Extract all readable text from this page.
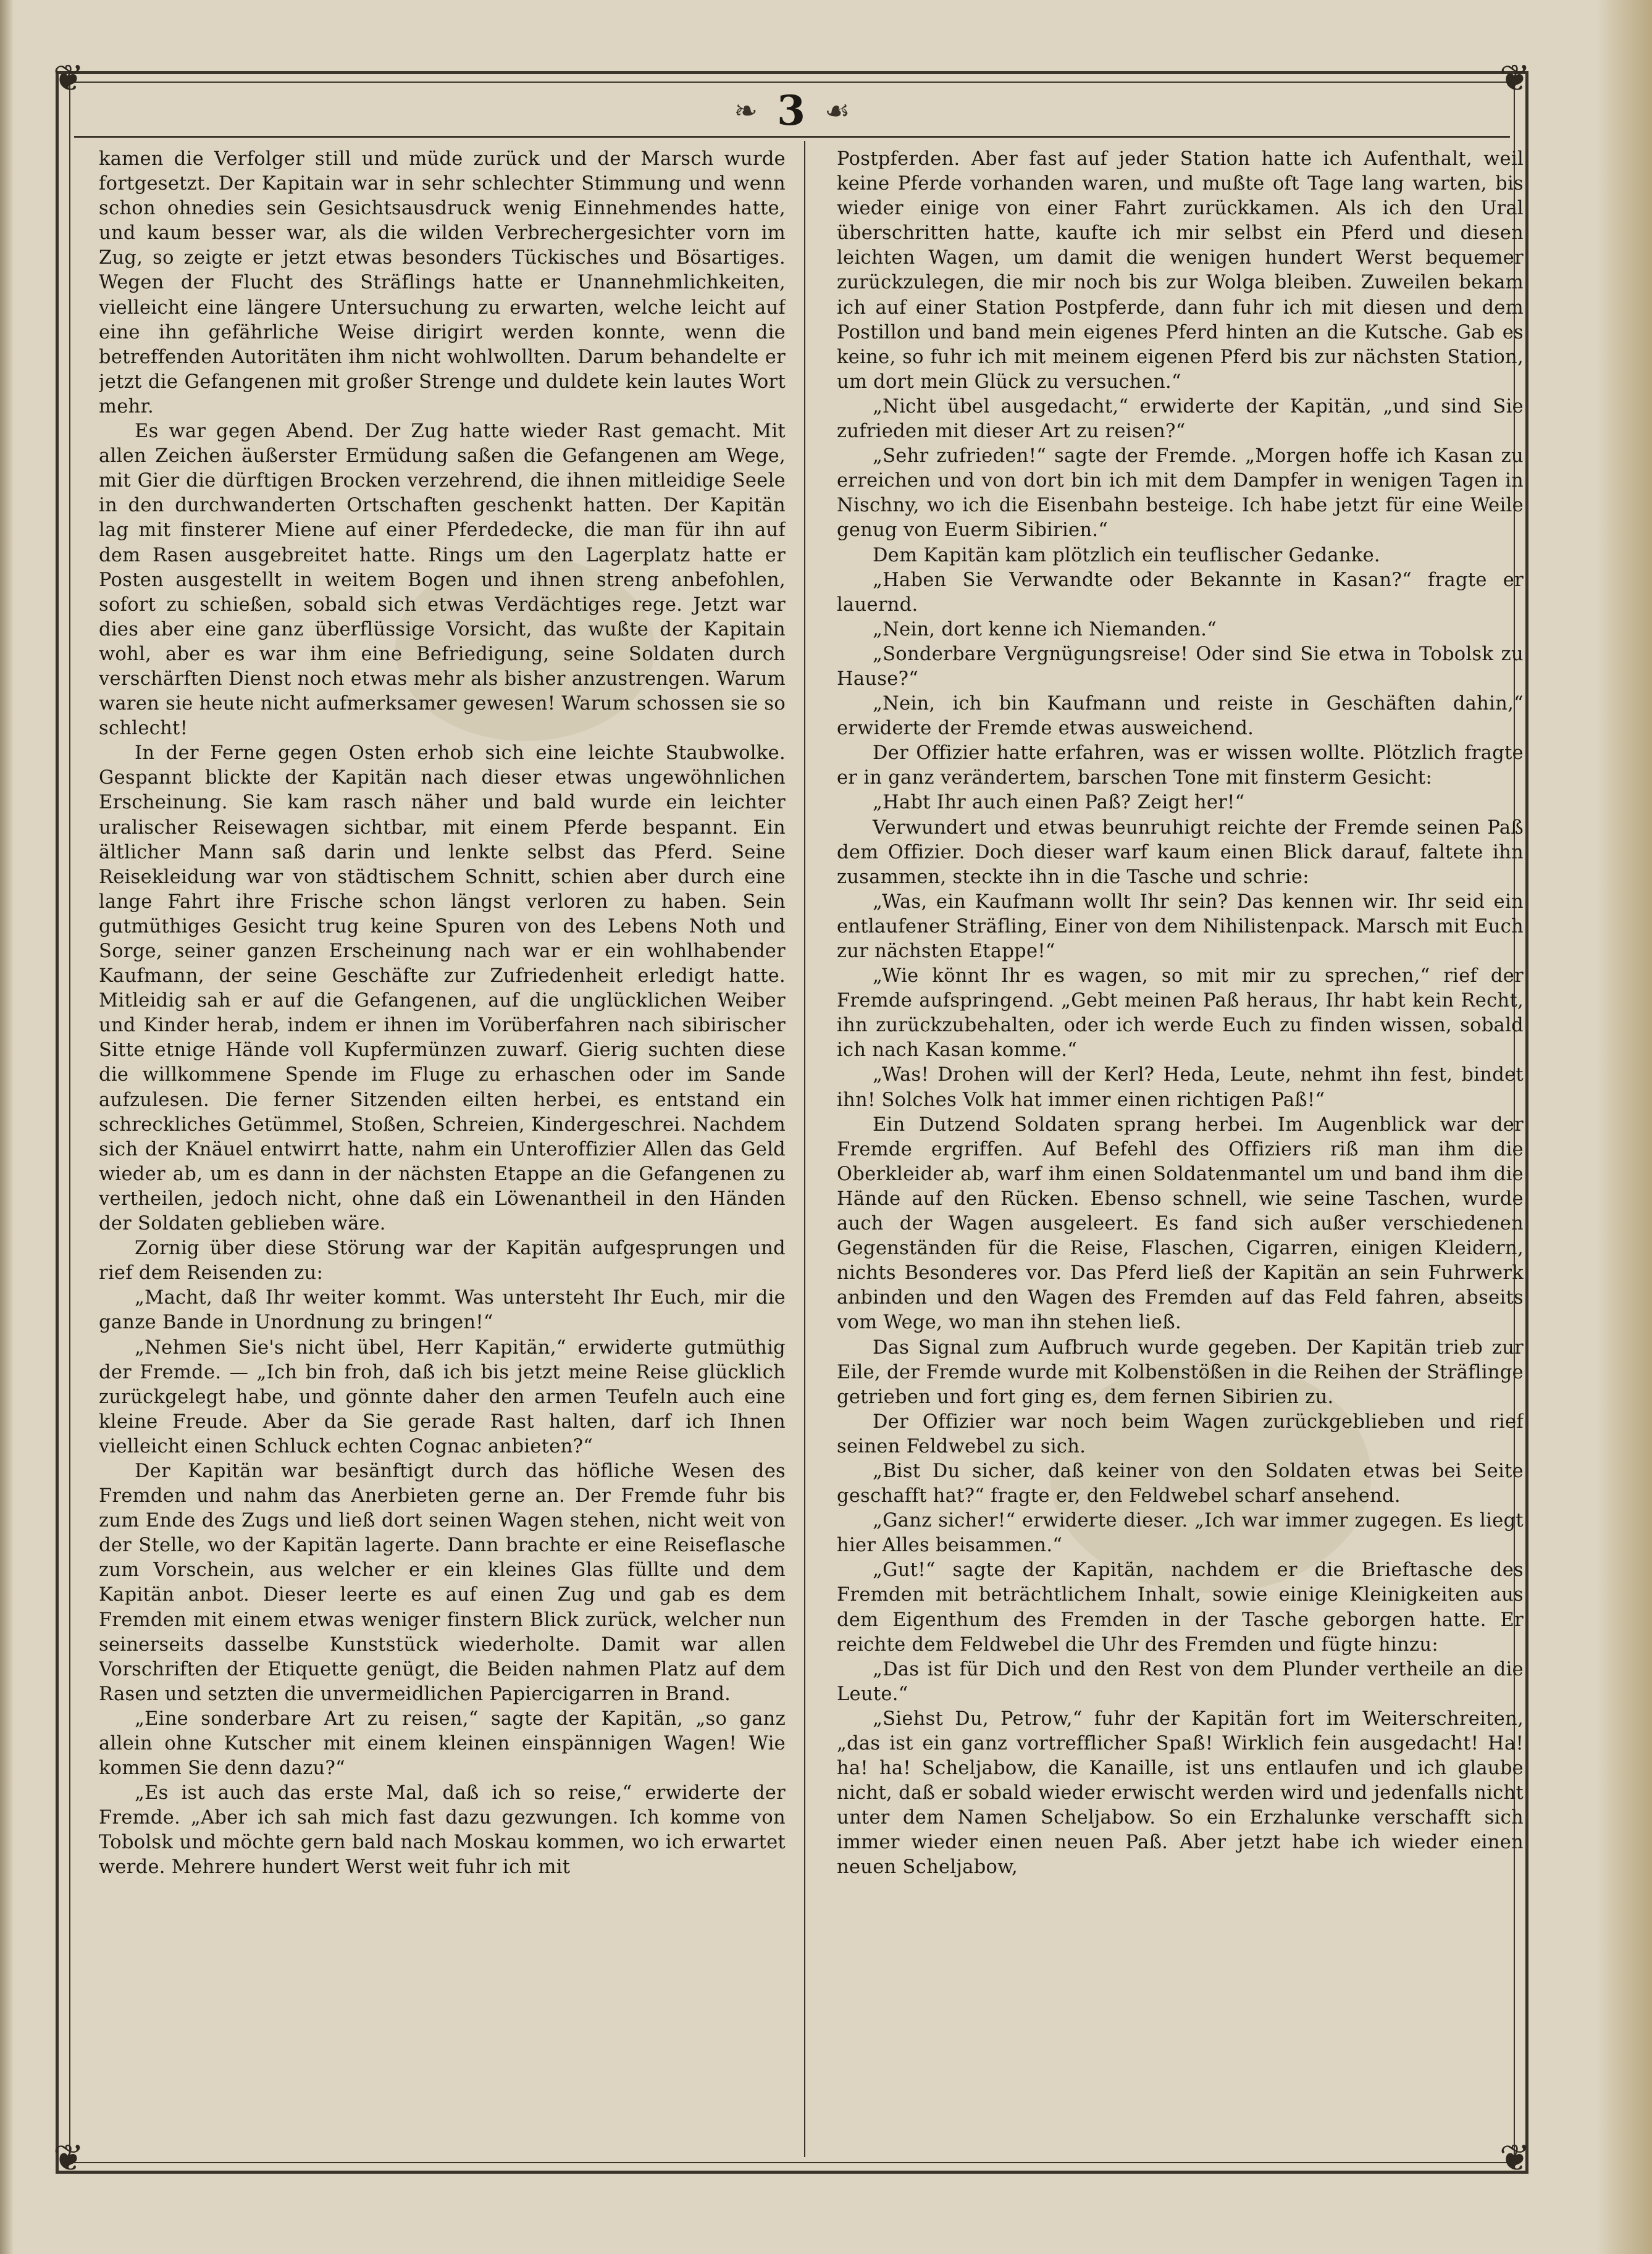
❦	❦
❦	❦
❧ 3 ☙

kamen die Verfolger still und müde zurück und der Marsch wurde fortgesetzt. Der Kapitain war in sehr schlechter Stimmung und wenn schon ohnedies sein Gesichtsausdruck wenig Einnehmendes hatte, und kaum besser war, als die wilden Verbrechergesichter vorn im Zug, so zeigte er jetzt etwas besonders Tückisches und Bösartiges. Wegen der Flucht des Sträflings hatte er Unannehmlichkeiten, vielleicht eine längere Untersuchung zu erwarten, welche leicht auf eine ihn gefährliche Weise dirigirt werden konnte, wenn die betreffenden Autoritäten ihm nicht wohlwollten. Darum behandelte er jetzt die Gefangenen mit großer Strenge und duldete kein lautes Wort mehr.

Es war gegen Abend. Der Zug hatte wieder Rast gemacht. Mit allen Zeichen äußerster Ermüdung saßen die Gefangenen am Wege, mit Gier die dürftigen Brocken verzehrend, die ihnen mitleidige Seele in den durchwanderten Ortschaften geschenkt hatten. Der Kapitän lag mit finsterer Miene auf einer Pferdedecke, die man für ihn auf dem Rasen ausgebreitet hatte. Rings um den Lagerplatz hatte er Posten ausgestellt in weitem Bogen und ihnen streng anbefohlen, sofort zu schießen, sobald sich etwas Verdächtiges rege. Jetzt war dies aber eine ganz überflüssige Vorsicht, das wußte der Kapitain wohl, aber es war ihm eine Befriedigung, seine Soldaten durch verschärften Dienst noch etwas mehr als bisher anzustrengen. Warum waren sie heute nicht aufmerksamer gewesen! Warum schossen sie so schlecht!

In der Ferne gegen Osten erhob sich eine leichte Staubwolke. Gespannt blickte der Kapitän nach dieser etwas ungewöhnlichen Erscheinung. Sie kam rasch näher und bald wurde ein leichter uralischer Reisewagen sichtbar, mit einem Pferde bespannt. Ein ältlicher Mann saß darin und lenkte selbst das Pferd. Seine Reisekleidung war von städtischem Schnitt, schien aber durch eine lange Fahrt ihre Frische schon längst verloren zu haben. Sein gutmüthiges Gesicht trug keine Spuren von des Lebens Noth und Sorge, seiner ganzen Erscheinung nach war er ein wohlhabender Kaufmann, der seine Geschäfte zur Zufriedenheit erledigt hatte. Mitleidig sah er auf die Gefangenen, auf die unglücklichen Weiber und Kinder herab, indem er ihnen im Vorüberfahren nach sibirischer Sitte etnige Hände voll Kupfermünzen zuwarf. Gierig suchten diese die willkommene Spende im Fluge zu erhaschen oder im Sande aufzulesen. Die ferner Sitzenden eilten herbei, es entstand ein schreckliches Getümmel, Stoßen, Schreien, Kindergeschrei. Nachdem sich der Knäuel entwirrt hatte, nahm ein Unteroffizier Allen das Geld wieder ab, um es dann in der nächsten Etappe an die Gefangenen zu vertheilen, jedoch nicht, ohne daß ein Löwenantheil in den Händen der Soldaten geblieben wäre.

Zornig über diese Störung war der Kapitän aufgesprungen und rief dem Reisenden zu:

„Macht, daß Ihr weiter kommt. Was untersteht Ihr Euch, mir die ganze Bande in Unordnung zu bringen!“

„Nehmen Sie's nicht übel, Herr Kapitän,“ erwiderte gutmüthig der Fremde. — „Ich bin froh, daß ich bis jetzt meine Reise glücklich zurückgelegt habe, und gönnte daher den armen Teufeln auch eine kleine Freude. Aber da Sie gerade Rast halten, darf ich Ihnen vielleicht einen Schluck echten Cognac anbieten?“

Der Kapitän war besänftigt durch das höfliche Wesen des Fremden und nahm das Anerbieten gerne an. Der Fremde fuhr bis zum Ende des Zugs und ließ dort seinen Wagen stehen, nicht weit von der Stelle, wo der Kapitän lagerte. Dann brachte er eine Reiseflasche zum Vorschein, aus welcher er ein kleines Glas füllte und dem Kapitän anbot. Dieser leerte es auf einen Zug und gab es dem Fremden mit einem etwas weniger finstern Blick zurück, welcher nun seinerseits dasselbe Kunststück wiederholte. Damit war allen Vorschriften der Etiquette genügt, die Beiden nahmen Platz auf dem Rasen und setzten die unvermeidlichen Papiercigarren in Brand.

„Eine sonderbare Art zu reisen,“ sagte der Kapitän, „so ganz allein ohne Kutscher mit einem kleinen einspännigen Wagen! Wie kommen Sie denn dazu?“

„Es ist auch das erste Mal, daß ich so reise,“ erwiderte der Fremde. „Aber ich sah mich fast dazu gezwungen. Ich komme von Tobolsk und möchte gern bald nach Moskau kommen, wo ich erwartet werde. Mehrere hundert Werst weit fuhr ich mit

Postpferden. Aber fast auf jeder Station hatte ich Aufenthalt, weil keine Pferde vorhanden waren, und mußte oft Tage lang warten, bis wieder einige von einer Fahrt zurückkamen. Als ich den Ural überschritten hatte, kaufte ich mir selbst ein Pferd und diesen leichten Wagen, um damit die wenigen hundert Werst bequemer zurückzulegen, die mir noch bis zur Wolga bleiben. Zuweilen bekam ich auf einer Station Postpferde, dann fuhr ich mit diesen und dem Postillon und band mein eigenes Pferd hinten an die Kutsche. Gab es keine, so fuhr ich mit meinem eigenen Pferd bis zur nächsten Station, um dort mein Glück zu versuchen.“

„Nicht übel ausgedacht,“ erwiderte der Kapitän, „und sind Sie zufrieden mit dieser Art zu reisen?“

„Sehr zufrieden!“ sagte der Fremde. „Morgen hoffe ich Kasan zu erreichen und von dort bin ich mit dem Dampfer in wenigen Tagen in Nischny, wo ich die Eisenbahn besteige. Ich habe jetzt für eine Weile genug von Euerm Sibirien.“

Dem Kapitän kam plötzlich ein teuflischer Gedanke.

„Haben Sie Verwandte oder Bekannte in Kasan?“ fragte er lauernd.

„Nein, dort kenne ich Niemanden.“

„Sonderbare Vergnügungsreise! Oder sind Sie etwa in Tobolsk zu Hause?“

„Nein, ich bin Kaufmann und reiste in Geschäften dahin,“ erwiderte der Fremde etwas ausweichend.

Der Offizier hatte erfahren, was er wissen wollte. Plötzlich fragte er in ganz verändertem, barschen Tone mit finsterm Gesicht:

„Habt Ihr auch einen Paß? Zeigt her!“

Verwundert und etwas beunruhigt reichte der Fremde seinen Paß dem Offizier. Doch dieser warf kaum einen Blick darauf, faltete ihn zusammen, steckte ihn in die Tasche und schrie:

„Was, ein Kaufmann wollt Ihr sein? Das kennen wir. Ihr seid ein entlaufener Sträfling, Einer von dem Nihilistenpack. Marsch mit Euch zur nächsten Etappe!“

„Wie könnt Ihr es wagen, so mit mir zu sprechen,“ rief der Fremde aufspringend. „Gebt meinen Paß heraus, Ihr habt kein Recht, ihn zurückzubehalten, oder ich werde Euch zu finden wissen, sobald ich nach Kasan komme.“

„Was! Drohen will der Kerl? Heda, Leute, nehmt ihn fest, bindet ihn! Solches Volk hat immer einen richtigen Paß!“

Ein Dutzend Soldaten sprang herbei. Im Augenblick war der Fremde ergriffen. Auf Befehl des Offiziers riß man ihm die Oberkleider ab, warf ihm einen Soldatenmantel um und band ihm die Hände auf den Rücken. Ebenso schnell, wie seine Taschen, wurde auch der Wagen ausgeleert. Es fand sich außer verschiedenen Gegenständen für die Reise, Flaschen, Cigarren, einigen Kleidern, nichts Besonderes vor. Das Pferd ließ der Kapitän an sein Fuhrwerk anbinden und den Wagen des Fremden auf das Feld fahren, abseits vom Wege, wo man ihn stehen ließ.

Das Signal zum Aufbruch wurde gegeben. Der Kapitän trieb zur Eile, der Fremde wurde mit Kolbenstößen in die Reihen der Sträflinge getrieben und fort ging es, dem fernen Sibirien zu.

Der Offizier war noch beim Wagen zurückgeblieben und rief seinen Feldwebel zu sich.

„Bist Du sicher, daß keiner von den Soldaten etwas bei Seite geschafft hat?“ fragte er, den Feldwebel scharf ansehend.

„Ganz sicher!“ erwiderte dieser. „Ich war immer zugegen. Es liegt hier Alles beisammen.“

„Gut!“ sagte der Kapitän, nachdem er die Brieftasche des Fremden mit beträchtlichem Inhalt, sowie einige Kleinigkeiten aus dem Eigenthum des Fremden in der Tasche geborgen hatte. Er reichte dem Feldwebel die Uhr des Fremden und fügte hinzu:

„Das ist für Dich und den Rest von dem Plunder vertheile an die Leute.“

„Siehst Du, Petrow,“ fuhr der Kapitän fort im Weiterschreiten, „das ist ein ganz vortrefflicher Spaß! Wirklich fein ausgedacht! Ha! ha! ha! Scheljabow, die Kanaille, ist uns entlaufen und ich glaube nicht, daß er sobald wieder erwischt werden wird und jedenfalls nicht unter dem Namen Scheljabow. So ein Erzhalunke verschafft sich immer wieder einen neuen Paß. Aber jetzt habe ich wieder einen neuen Scheljabow,
